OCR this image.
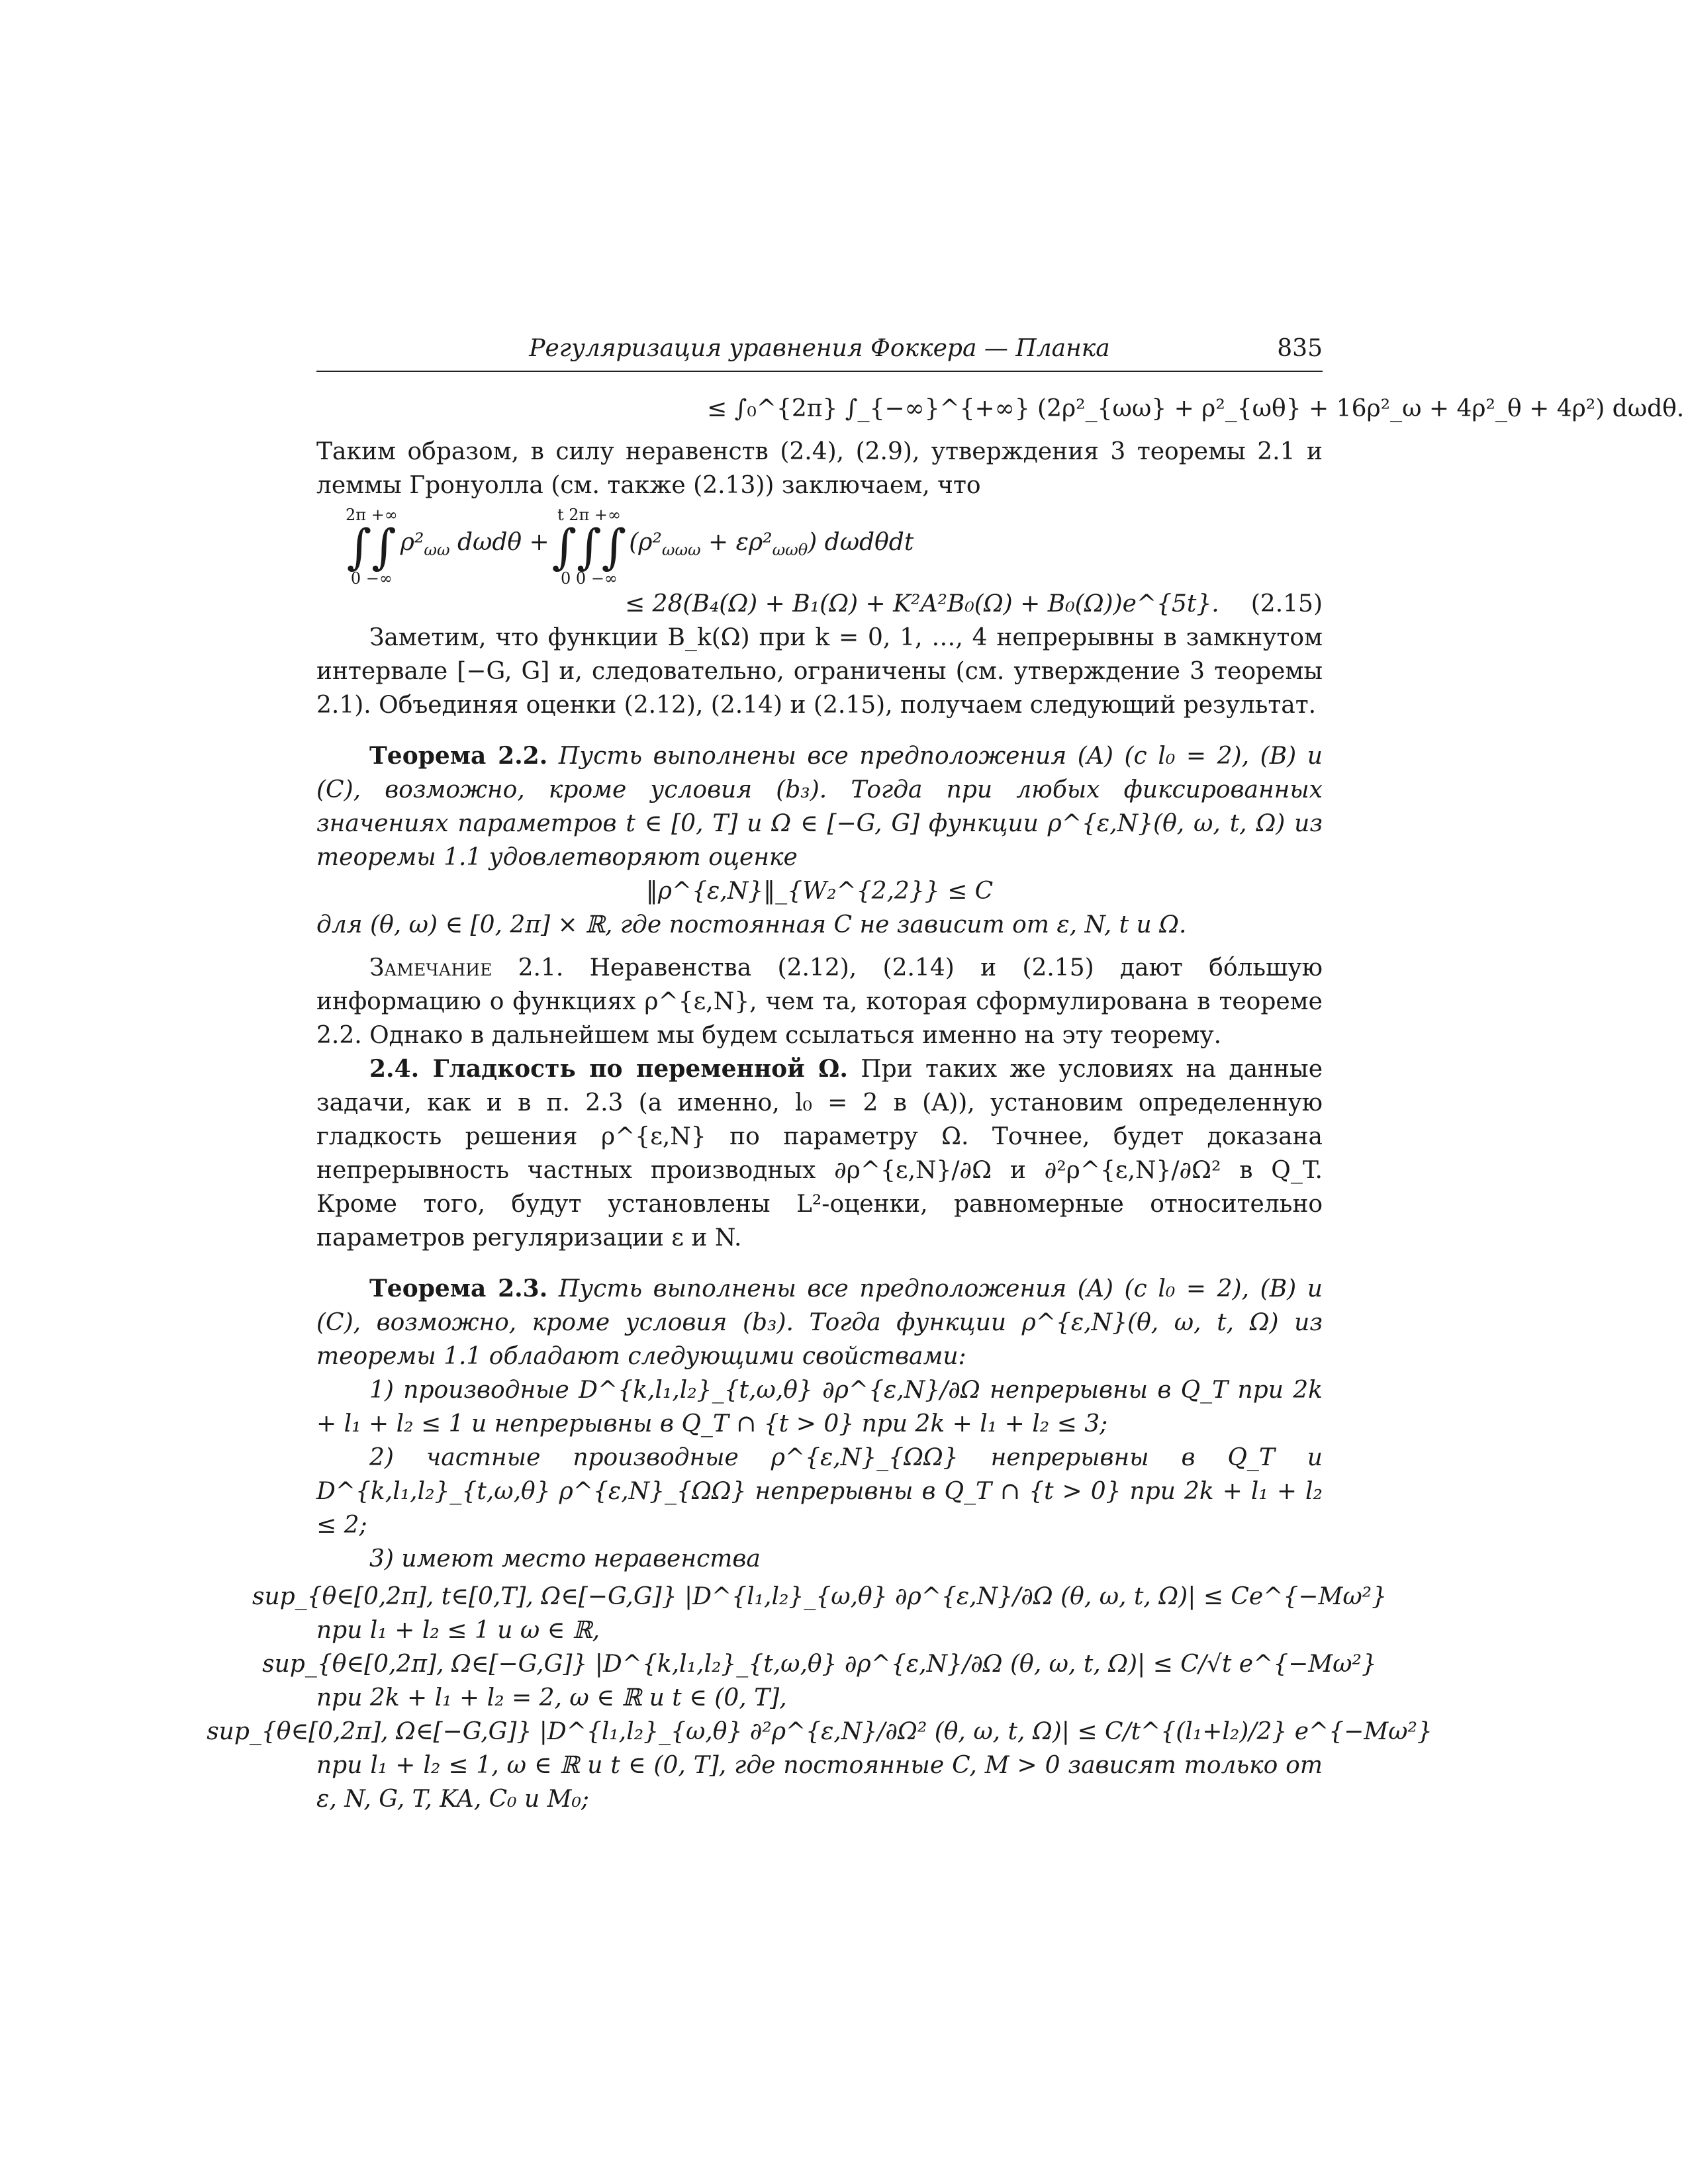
Регуляризация уравнения Фоккера — Планка	835
≤ ∫₀^{2π} ∫_{−∞}^{+∞} (2ρ²_{ωω} + ρ²_{ωθ} + 16ρ²_ω + 4ρ²_θ + 4ρ²) dωdθ.

Таким образом, в силу неравенств (2.4), (2.9), утверждения 3 теоремы 2.1 и леммы Гронуолла (см. также (2.13)) заключаем, что

2π +∞
∫∫
0 −∞
$\rho^2_{\omega\omega}$ dωdθ +
t 2π +∞
∫∫∫
0 0 −∞
$(\rho^2_{\omega\omega\omega} + \varepsilon\rho^2_{\omega\omega\theta})$ dωdθdt
≤ 28(B₄(Ω) + B₁(Ω) + K²A²B₀(Ω) + B₀(Ω))e^{5t}. (2.15)

Заметим, что функции B_k(Ω) при k = 0, 1, …, 4 непрерывны в замкнутом интервале [−G, G] и, следовательно, ограничены (см. утверждение 3 теоремы 2.1). Объединяя оценки (2.12), (2.14) и (2.15), получаем следующий результат.

Теорема 2.2. Пусть выполнены все предположения (A) (с l₀ = 2), (B) и (C), возможно, кроме условия (b₃). Тогда при любых фиксированных значениях параметров t ∈ [0, T] и Ω ∈ [−G, G] функции ρ^{ε,N}(θ, ω, t, Ω) из теоремы 1.1 удовлетворяют оценке

‖ρ^{ε,N}‖_{W₂^{2,2}} ≤ C

для (θ, ω) ∈ [0, 2π] × ℝ, где постоянная C не зависит от ε, N, t и Ω.

Замечание 2.1. Неравенства (2.12), (2.14) и (2.15) дают бо́льшую информацию о функциях ρ^{ε,N}, чем та, которая сформулирована в теореме 2.2. Однако в дальнейшем мы будем ссылаться именно на эту теорему.

2.4. Гладкость по переменной Ω. При таких же условиях на данные задачи, как и в п. 2.3 (а именно, l₀ = 2 в (A)), установим определенную гладкость решения ρ^{ε,N} по параметру Ω. Точнее, будет доказана непрерывность частных производных ∂ρ^{ε,N}/∂Ω и ∂²ρ^{ε,N}/∂Ω² в Q_T. Кроме того, будут установлены L²-оценки, равномерные относительно параметров регуляризации ε и N.

Теорема 2.3. Пусть выполнены все предположения (A) (с l₀ = 2), (B) и (C), возможно, кроме условия (b₃). Тогда функции ρ^{ε,N}(θ, ω, t, Ω) из теоремы 1.1 обладают следующими свойствами:

1) производные D^{k,l₁,l₂}_{t,ω,θ} ∂ρ^{ε,N}/∂Ω непрерывны в Q_T при 2k + l₁ + l₂ ≤ 1 и непрерывны в Q_T ∩ {t > 0} при 2k + l₁ + l₂ ≤ 3;

2) частные производные ρ^{ε,N}_{ΩΩ} непрерывны в Q_T и D^{k,l₁,l₂}_{t,ω,θ} ρ^{ε,N}_{ΩΩ} непрерывны в Q_T ∩ {t > 0} при 2k + l₁ + l₂ ≤ 2;

3) имеют место неравенства

sup_{θ∈[0,2π], t∈[0,T], Ω∈[−G,G]} |D^{l₁,l₂}_{ω,θ} ∂ρ^{ε,N}/∂Ω (θ, ω, t, Ω)| ≤ Ce^{−Mω²}

при l₁ + l₂ ≤ 1 и ω ∈ ℝ,

sup_{θ∈[0,2π], Ω∈[−G,G]} |D^{k,l₁,l₂}_{t,ω,θ} ∂ρ^{ε,N}/∂Ω (θ, ω, t, Ω)| ≤ C/√t e^{−Mω²}

при 2k + l₁ + l₂ = 2, ω ∈ ℝ и t ∈ (0, T],

sup_{θ∈[0,2π], Ω∈[−G,G]} |D^{l₁,l₂}_{ω,θ} ∂²ρ^{ε,N}/∂Ω² (θ, ω, t, Ω)| ≤ C/t^{(l₁+l₂)/2} e^{−Mω²}

при l₁ + l₂ ≤ 1, ω ∈ ℝ и t ∈ (0, T], где постоянные C, M > 0 зависят только от ε, N, G, T, KA, C₀ и M₀;
